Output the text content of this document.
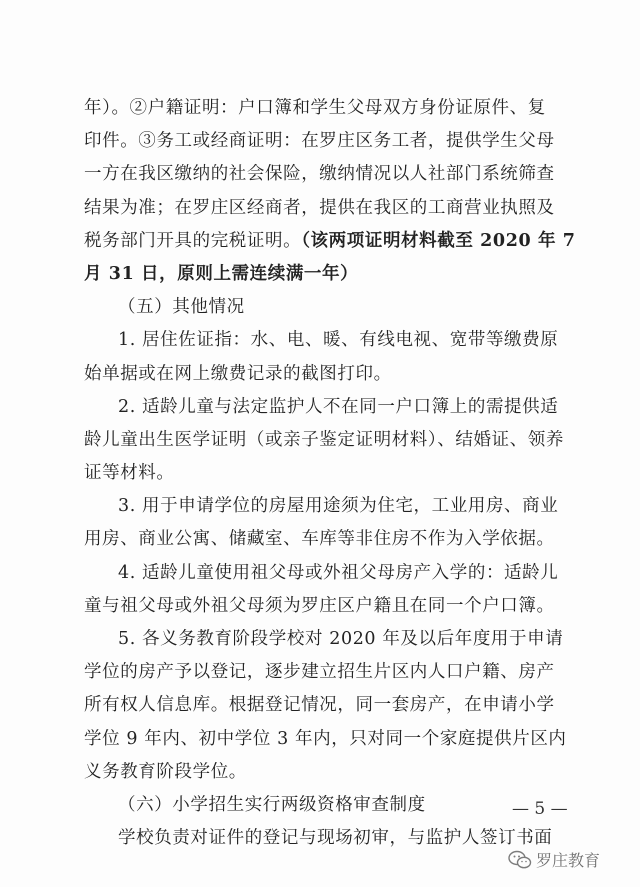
年）。②户籍证明：户口簿和学生父母双方身份证原件、复
印件。③务工或经商证明：在罗庄区务工者，提供学生父母
一方在我区缴纳的社会保险，缴纳情况以人社部门系统筛查
结果为准；在罗庄区经商者，提供在我区的工商营业执照及
税务部门开具的完税证明。（该两项证明材料截至 2020 年 7
月 31 日，原则上需连续满一年）
（五）其他情况
1. 居住佐证指：水、电、暖、有线电视、宽带等缴费原
始单据或在网上缴费记录的截图打印。
2. 适龄儿童与法定监护人不在同一户口簿上的需提供适
龄儿童出生医学证明（或亲子鉴定证明材料）、结婚证、领养
证等材料。
3. 用于申请学位的房屋用途须为住宅，工业用房、商业
用房、商业公寓、储藏室、车库等非住房不作为入学依据。
4. 适龄儿童使用祖父母或外祖父母房产入学的：适龄儿
童与祖父母或外祖父母须为罗庄区户籍且在同一个户口簿。
5. 各义务教育阶段学校对 2020 年及以后年度用于申请
学位的房产予以登记，逐步建立招生片区内人口户籍、房产
所有权人信息库。根据登记情况，同一套房产，在申请小学
学位 9 年内、初中学位 3 年内，只对同一个家庭提供片区内
义务教育阶段学位。
（六）小学招生实行两级资格审查制度
学校负责对证件的登记与现场初审，与监护人签订书面
— 5 —
罗庄教育
